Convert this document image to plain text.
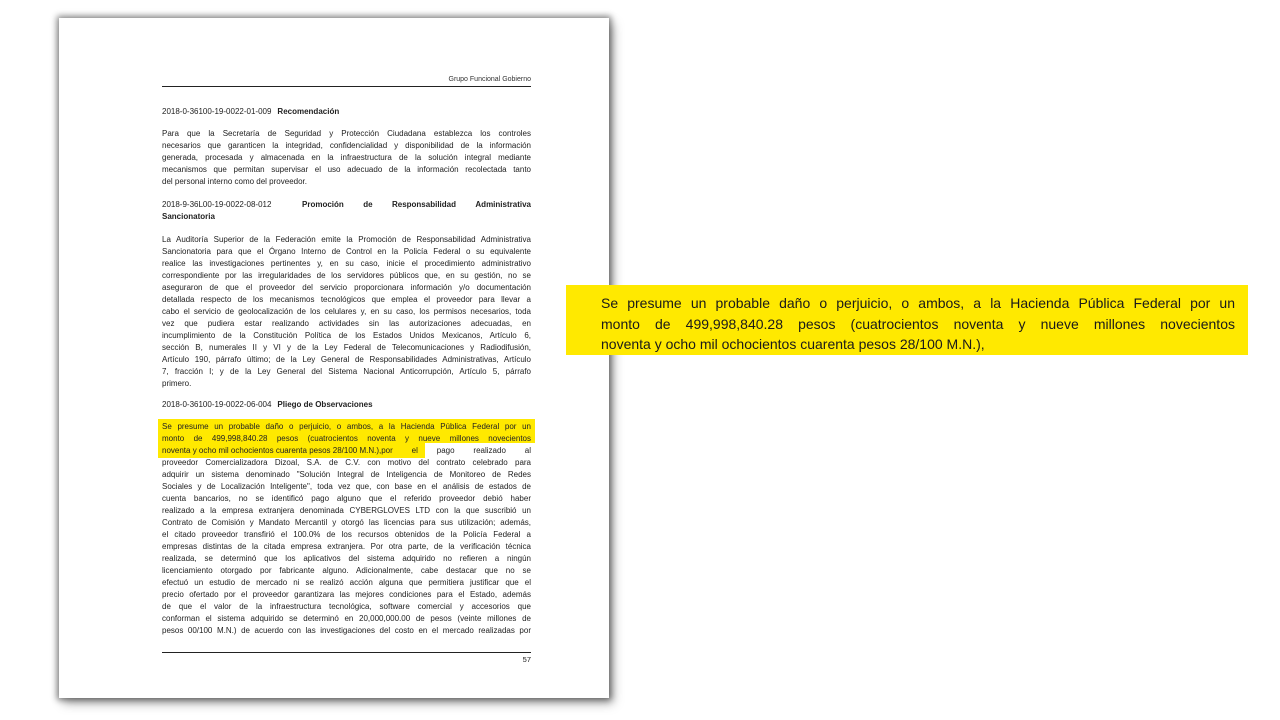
Grupo Funcional Gobierno
2018-0-36100-19-0022-01-009 Recomendación
Para que la Secretaría de Seguridad y Protección Ciudadana establezca los controles
necesarios que garanticen la integridad, confidencialidad y disponibilidad de la información
generada, procesada y almacenada en la infraestructura de la solución integral mediante
mecanismos que permitan supervisar el uso adecuado de la información recolectada tanto
del personal interno como del proveedor.
2018-9-36L00-19-0022-08-012	Promoción de Responsabilidad Administrativa
Sancionatoria
La Auditoría Superior de la Federación emite la Promoción de Responsabilidad Administrativa
Sancionatoria para que el Órgano Interno de Control en la Policía Federal o su equivalente
realice las investigaciones pertinentes y, en su caso, inicie el procedimiento administrativo
correspondiente por las irregularidades de los servidores públicos que, en su gestión, no se
aseguraron de que el proveedor del servicio proporcionara información y/o documentación
detallada respecto de los mecanismos tecnológicos que emplea el proveedor para llevar a
cabo el servicio de geolocalización de los celulares y, en su caso, los permisos necesarios, toda
vez que pudiera estar realizando actividades sin las autorizaciones adecuadas, en
incumplimiento de la Constitución Política de los Estados Unidos Mexicanos, Artículo 6,
sección B, numerales II y VI y de la Ley Federal de Telecomunicaciones y Radiodifusión,
Artículo 190, párrafo último; de la Ley General de Responsabilidades Administrativas, Artículo
7, fracción I; y de la Ley General del Sistema Nacional Anticorrupción, Artículo 5, párrafo
primero.
2018-0-36100-19-0022-06-004 Pliego de Observaciones
Se presume un probable daño o perjuicio, o ambos, a la Hacienda Pública Federal por un
monto de 499,998,840.28 pesos (cuatrocientos noventa y nueve millones novecientos
noventa y ocho mil ochocientos cuarenta pesos 28/100 M.N.), por el pago realizado al
proveedor Comercializadora Dizoal, S.A. de C.V. con motivo del contrato celebrado para
adquirir un sistema denominado "Solución Integral de Inteligencia de Monitoreo de Redes
Sociales y de Localización Inteligente", toda vez que, con base en el análisis de estados de
cuenta bancarios, no se identificó pago alguno que el referido proveedor debió haber
realizado a la empresa extranjera denominada CYBERGLOVES LTD con la que suscribió un
Contrato de Comisión y Mandato Mercantil y otorgó las licencias para sus utilización; además,
el citado proveedor transfirió el 100.0% de los recursos obtenidos de la Policía Federal a
empresas distintas de la citada empresa extranjera. Por otra parte, de la verificación técnica
realizada, se determinó que los aplicativos del sistema adquirido no refieren a ningún
licenciamiento otorgado por fabricante alguno. Adicionalmente, cabe destacar que no se
efectuó un estudio de mercado ni se realizó acción alguna que permitiera justificar que el
precio ofertado por el proveedor garantizara las mejores condiciones para el Estado, además
de que el valor de la infraestructura tecnológica, software comercial y accesorios que
conforman el sistema adquirido se determinó en 20,000,000.00 de pesos (veinte millones de
pesos 00/100 M.N.) de acuerdo con las investigaciones del costo en el mercado realizadas por
57
Se presume un probable daño o perjuicio, o ambos, a la Hacienda Pública Federal por un
monto de 499,998,840.28 pesos (cuatrocientos noventa y nueve millones novecientos
noventa y ocho mil ochocientos cuarenta pesos 28/100 M.N.),
